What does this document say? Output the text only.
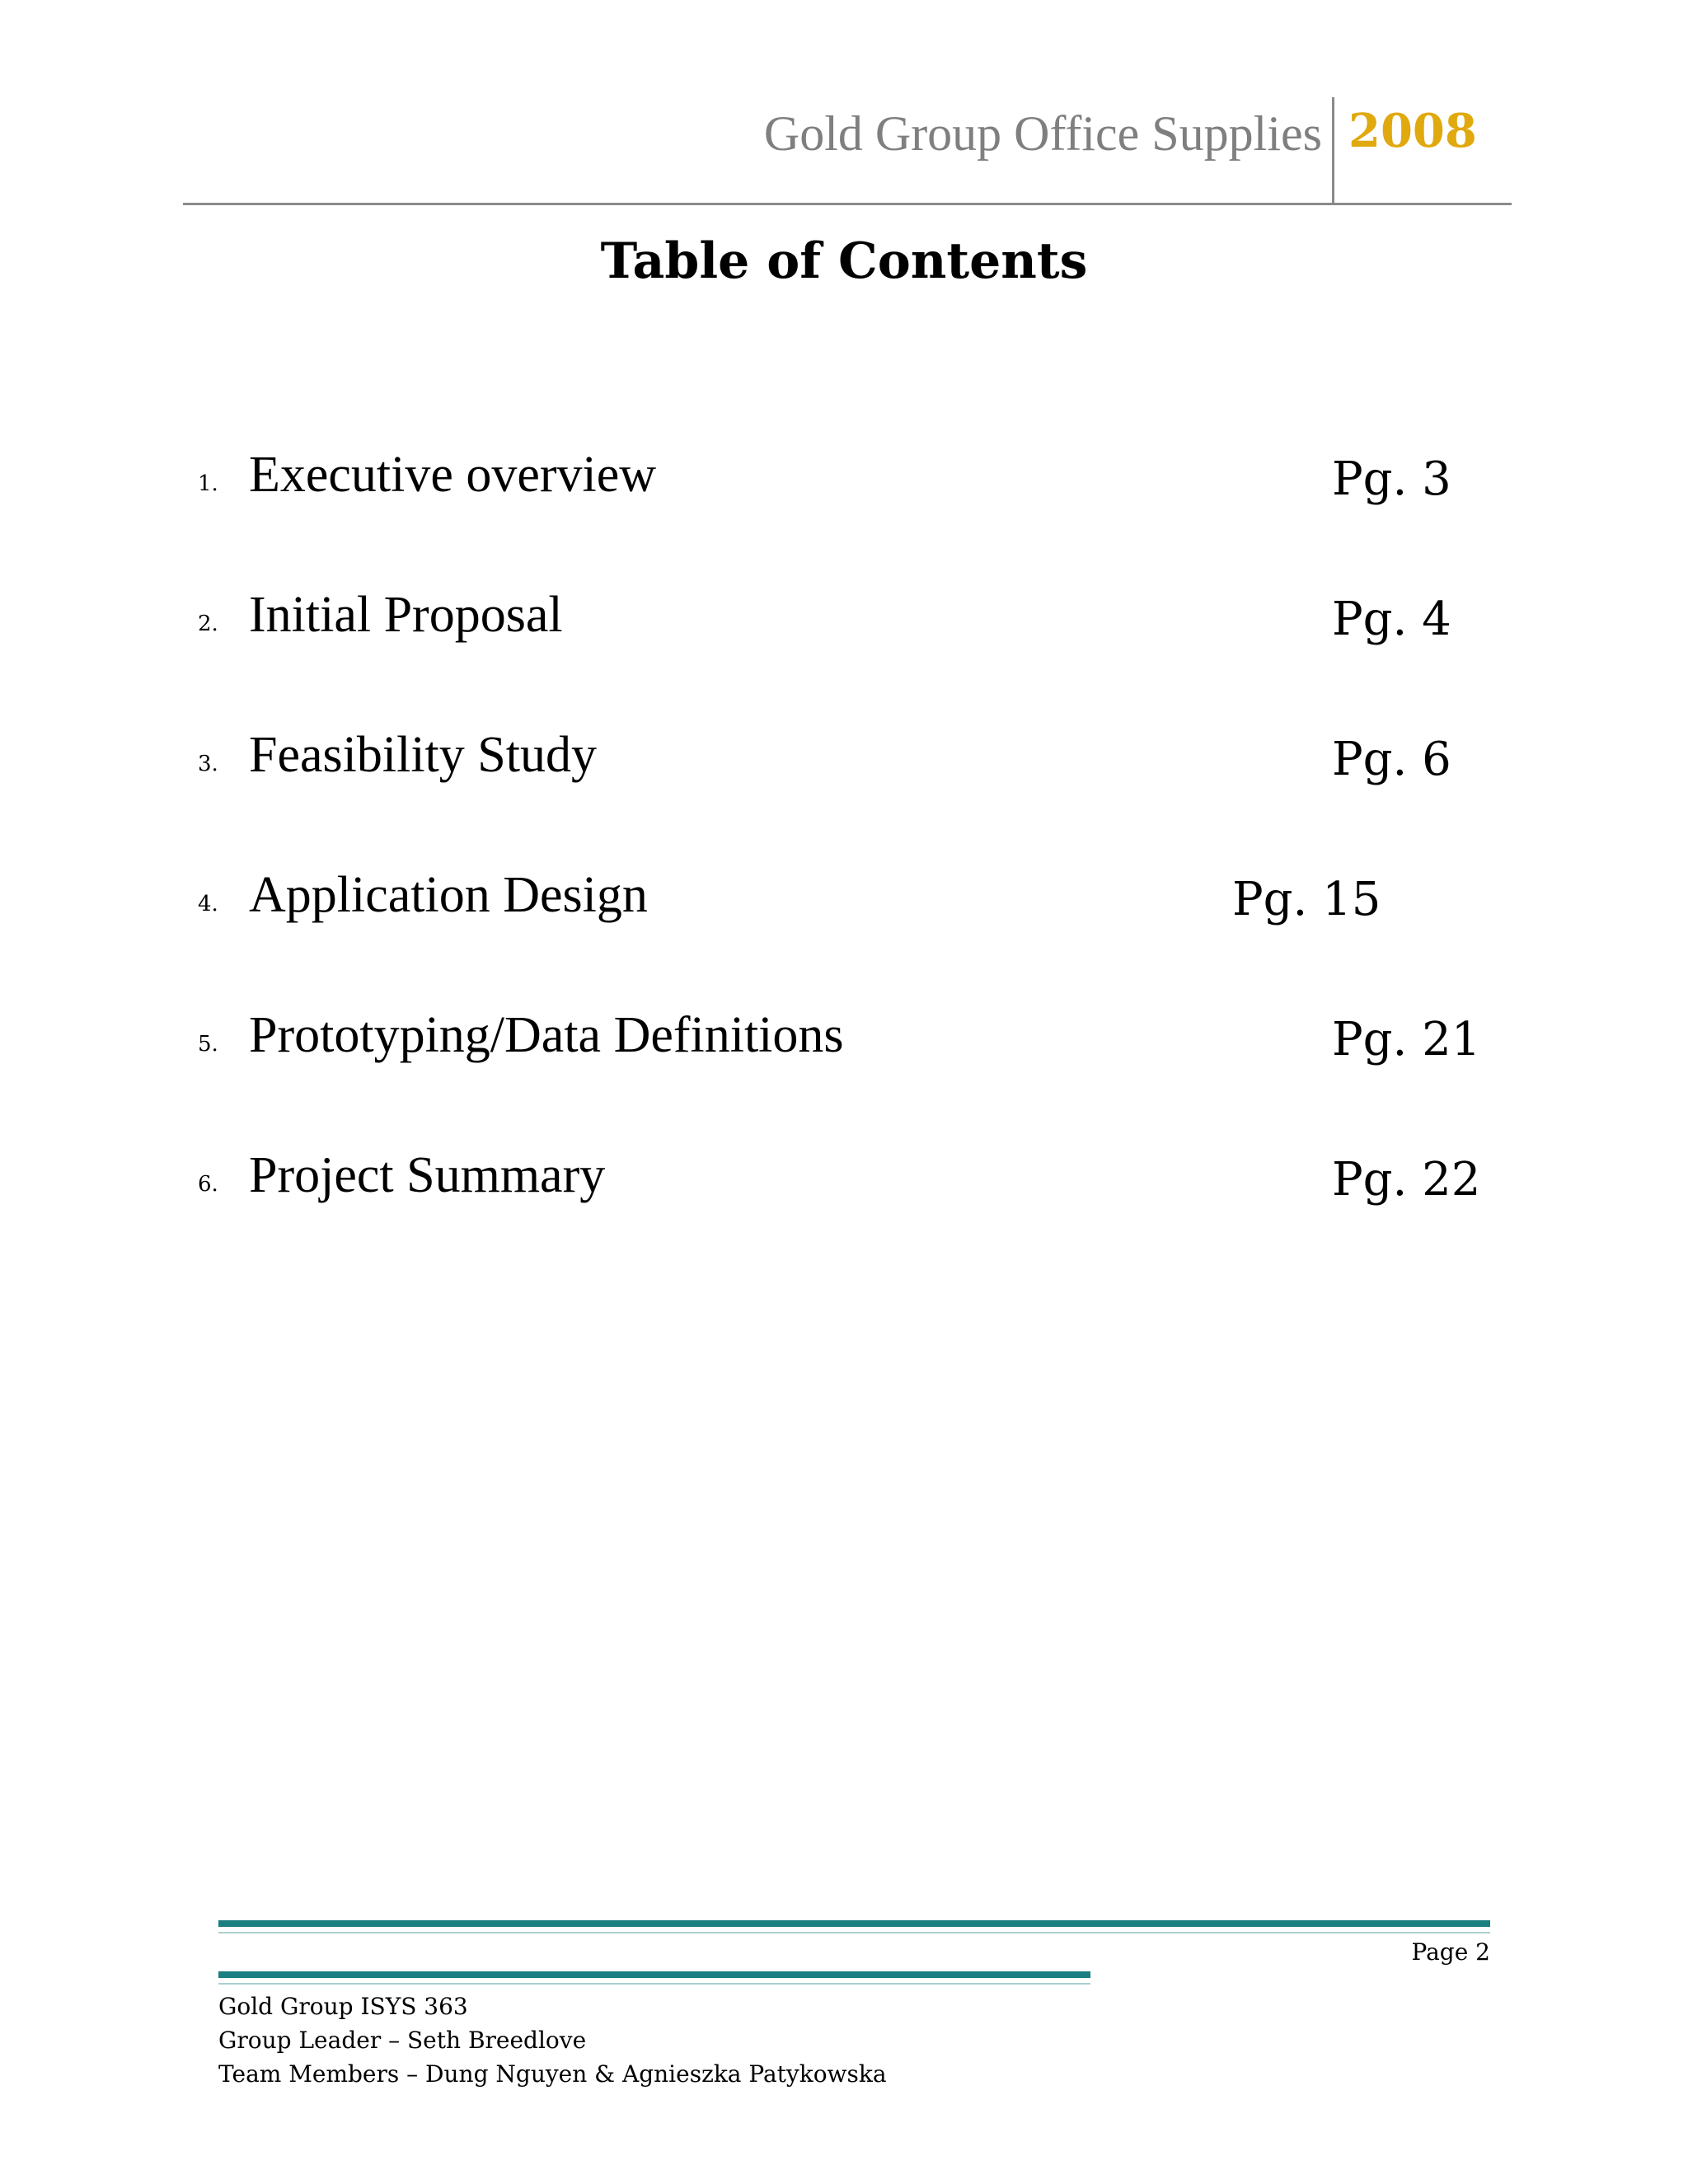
Gold Group Office Supplies 2008
Table of Contents
1. Executive overview	Pg. 3
2. Initial Proposal	Pg. 4
3. Feasibility Study	Pg. 6
4. Application Design	Pg. 15
5. Prototyping/Data Definitions	Pg. 21
6. Project Summary	Pg. 22
Page 2
Gold Group ISYS 363
Group Leader – Seth Breedlove
Team Members – Dung Nguyen & Agnieszka Patykowska
